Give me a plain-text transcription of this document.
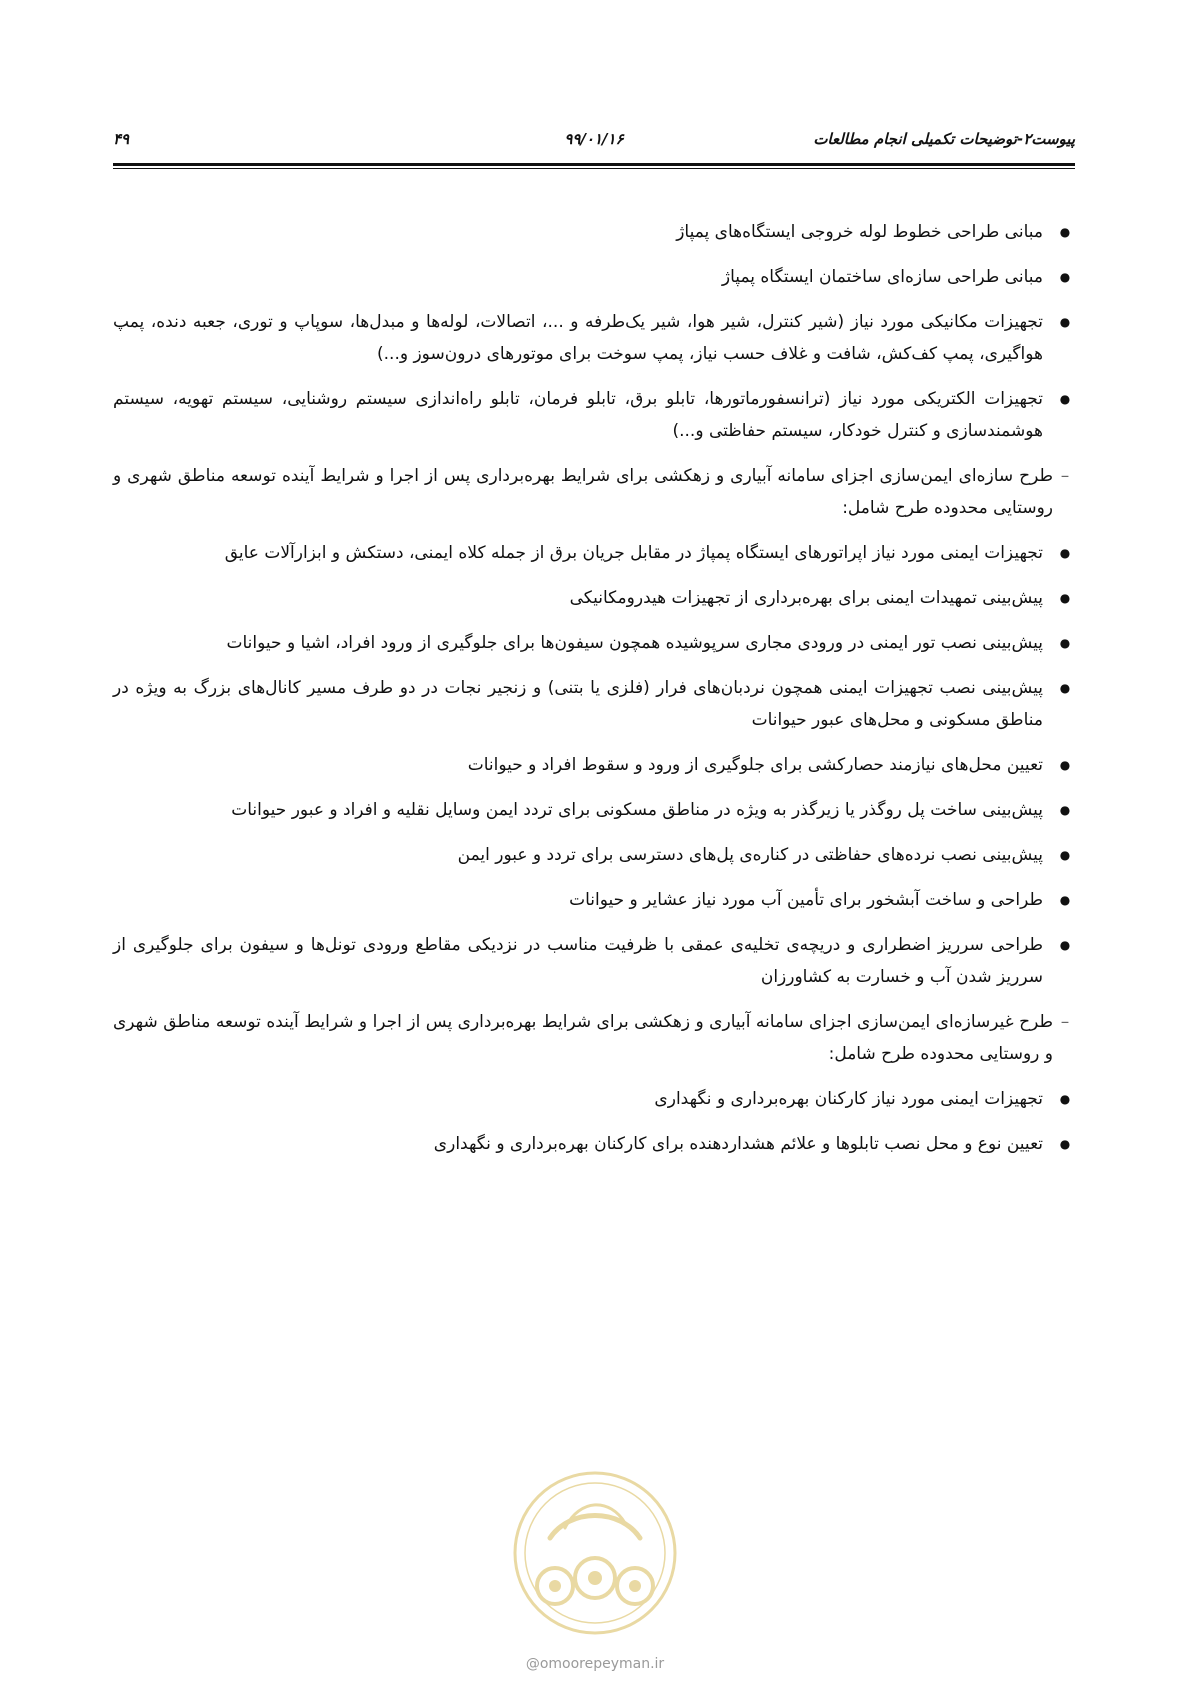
پیوست۲-توضیحات تکمیلی انجام مطالعات
۹۹/۰۱/۱۶
۴۹
●
مبانی طراحی خطوط لوله خروجی ایستگاه‌های پمپاژ
●
مبانی طراحی سازه‌ای ساختمان ایستگاه پمپاژ
●
تجهیزات مکانیکی مورد نیاز (شیر کنترل، شیر هوا، شیر یک‌طرفه و ...، اتصالات، لوله‌ها و مبدل‌ها، سوپاپ و توری، جعبه دنده، پمپ هواگیری، پمپ کف‌کش، شافت و غلاف حسب نیاز، پمپ سوخت برای موتورهای درون‌سوز و...)
●
تجهیزات الکتریکی مورد نیاز (ترانسفورماتورها، تابلو برق، تابلو فرمان، تابلو راه‌اندازی سیستم روشنایی، سیستم تهویه، سیستم هوشمندسازی و کنترل خودکار، سیستم حفاظتی و...)
–
طرح سازه‌ای ایمن‌سازی اجزای سامانه آبیاری و زهکشی برای شرایط بهره‌برداری پس از اجرا و شرایط آینده توسعه مناطق شهری و روستایی محدوده طرح شامل:
●
تجهیزات ایمنی مورد نیاز اپراتورهای ایستگاه پمپاژ در مقابل جریان برق از جمله کلاه ایمنی، دستکش و ابزارآلات عایق
●
پیش‌بینی تمهیدات ایمنی برای بهره‌برداری از تجهیزات هیدرومکانیکی
●
پیش‌بینی نصب تور ایمنی در ورودی مجاری سرپوشیده همچون سیفون‌ها برای جلوگیری از ورود افراد، اشیا و حیوانات
●
پیش‌بینی نصب تجهیزات ایمنی همچون نردبان‌های فرار (فلزی یا بتنی) و زنجیر نجات در دو طرف مسیر کانال‌های بزرگ به ویژه در مناطق مسکونی و محل‌های عبور حیوانات
●
تعیین محل‌های نیازمند حصارکشی برای جلوگیری از ورود و سقوط افراد و حیوانات
●
پیش‌بینی ساخت پل روگذر یا زیرگذر به ویژه در مناطق مسکونی برای تردد ایمن وسایل نقلیه و افراد و عبور حیوانات
●
پیش‌بینی نصب نرده‌های حفاظتی در کناره‌ی پل‌های دسترسی برای تردد و عبور ایمن
●
طراحی و ساخت آبشخور برای تأمین آب مورد نیاز عشایر و حیوانات
●
طراحی سرریز اضطراری و دریچه‌ی تخلیه‌ی عمقی با ظرفیت مناسب در نزدیکی مقاطع ورودی تونل‌ها و سیفون برای جلوگیری از سرریز شدن آب و خسارت به کشاورزان
–
طرح غیرسازه‌ای ایمن‌سازی اجزای سامانه آبیاری و زهکشی برای شرایط بهره‌برداری پس از اجرا و شرایط آینده توسعه مناطق شهری و روستایی محدوده طرح شامل:
●
تجهیزات ایمنی مورد نیاز کارکنان بهره‌برداری و نگهداری
●
تعیین نوع و محل نصب تابلوها و علائم هشداردهنده برای کارکنان بهره‌برداری و نگهداری
@omoorepeyman.ir
